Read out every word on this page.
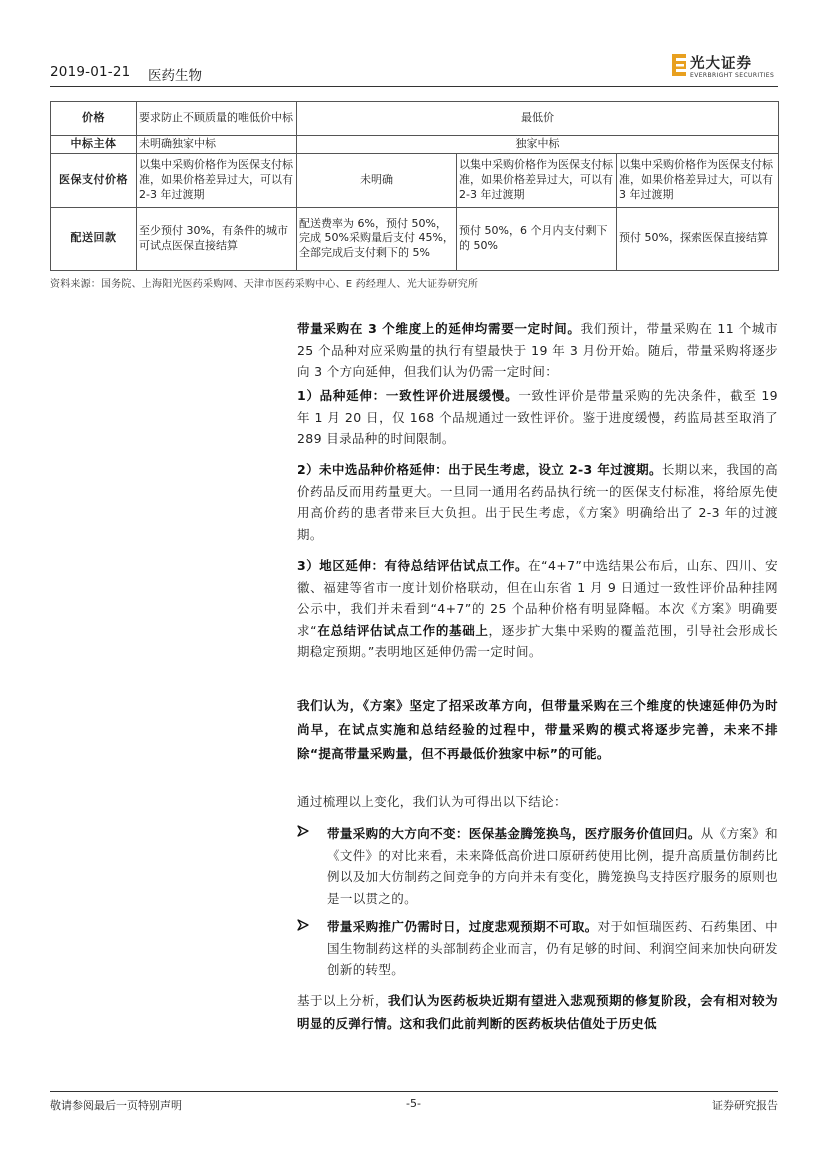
2019-01-21 医药生物
光大证券
EVERBRIGHT SECURITIES
价格	要求防止不顾质量的唯低价中标	最低价		
中标主体	未明确独家中标	独家中标		
医保支付价格	以集中采购价格作为医保支付标准，如果价格差异过大，可以有 2-3 年过渡期	未明确	以集中采购价格作为医保支付标准，如果价格差异过大，可以有 2-3 年过渡期	以集中采购价格作为医保支付标准，如果价格差异过大，可以有 3 年过渡期
配送回款	至少预付 30%，有条件的城市可试点医保直接结算	配送费率为 6%，预付 50%，完成 50%采购量后支付 45%，全部完成后支付剩下的 5%	预付 50%，6 个月内支付剩下的 50%	预付 50%，探索医保直接结算
资料来源：国务院、上海阳光医药采购网、天津市医药采购中心、E 药经理人、光大证券研究所
带量采购在 3 个维度上的延伸均需要一定时间。我们预计，带量采购在 11 个城市 25 个品种对应采购量的执行有望最快于 19 年 3 月份开始。随后，带量采购将逐步向 3 个方向延伸，但我们认为仍需一定时间：
1）品种延伸：一致性评价进展缓慢。一致性评价是带量采购的先决条件，截至 19 年 1 月 20 日，仅 168 个品规通过一致性评价。鉴于进度缓慢，药监局甚至取消了 289 目录品种的时间限制。
2）未中选品种价格延伸：出于民生考虑，设立 2-3 年过渡期。长期以来，我国的高价药品反而用药量更大。一旦同一通用名药品执行统一的医保支付标准，将给原先使用高价药的患者带来巨大负担。出于民生考虑，《方案》明确给出了 2-3 年的过渡期。
3）地区延伸：有待总结评估试点工作。在“4+7”中选结果公布后，山东、四川、安徽、福建等省市一度计划价格联动，但在山东省 1 月 9 日通过一致性评价品种挂网公示中，我们并未看到“4+7”的 25 个品种价格有明显降幅。本次《方案》明确要求“在总结评估试点工作的基础上，逐步扩大集中采购的覆盖范围，引导社会形成长期稳定预期。”表明地区延伸仍需一定时间。
我们认为，《方案》坚定了招采改革方向，但带量采购在三个维度的快速延伸仍为时尚早，在试点实施和总结经验的过程中，带量采购的模式将逐步完善，未来不排除“提高带量采购量，但不再最低价独家中标”的可能。
通过梳理以上变化，我们认为可得出以下结论：
带量采购的大方向不变：医保基金腾笼换鸟，医疗服务价值回归。从《方案》和《文件》的对比来看，未来降低高价进口原研药使用比例，提升高质量仿制药比例以及加大仿制药之间竞争的方向并未有变化，腾笼换鸟支持医疗服务的原则也是一以贯之的。
带量采购推广仍需时日，过度悲观预期不可取。对于如恒瑞医药、石药集团、中国生物制药这样的头部制药企业而言，仍有足够的时间、利润空间来加快向研发创新的转型。
基于以上分析，我们认为医药板块近期有望进入悲观预期的修复阶段，会有相对较为明显的反弹行情。这和我们此前判断的医药板块估值处于历史低
敬请参阅最后一页特别声明	-5-	证券研究报告
